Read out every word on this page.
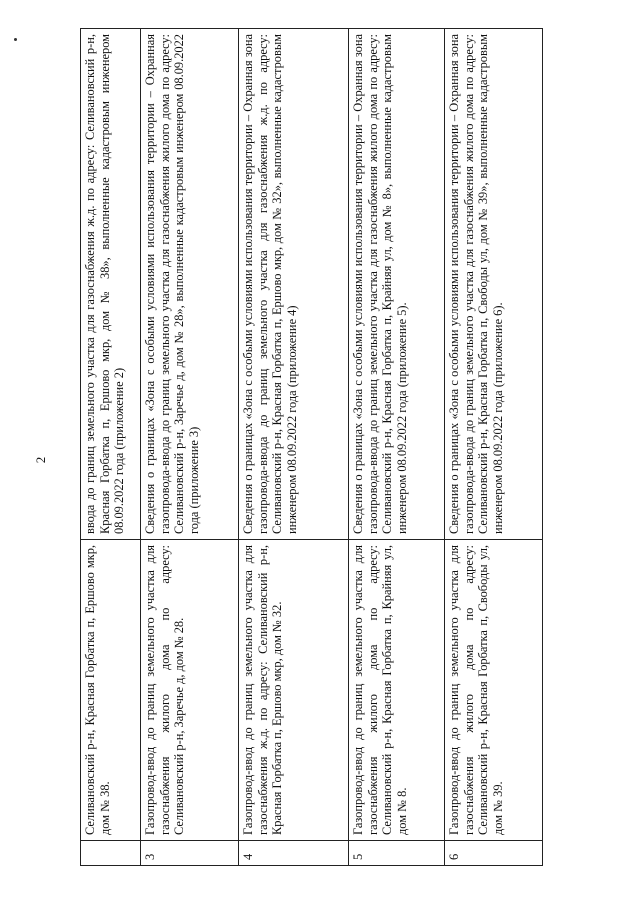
2
	Селивановский р-н, Красная Горбатка п, Ершово мкр, дом № 38.	ввода до границ земельного участка для газоснабжения ж.д. по адресу: Селивановский р-н, Красная Горбатка п, Ершово мкр, дом № 38», выполненные кадастровым инженером 08.09.2022 года (приложение 2)
3	Газопровод-ввод до границ земельного участка для газоснабжения жилого дома по адресу: Селивановский р-н, Заречье д, дом № 28.	Сведения о границах «Зона с особыми условиями использования территории – Охранная газопровода-ввода до границ земельного участка для газоснабжения жилого дома по адресу: Селивановский р-н, Заречье д, дом № 28», выполненные кадастровым инженером 08.09.2022 года (приложение 3)
4	Газопровод-ввод до границ земельного участка для газоснабжения ж.д. по адресу: Селивановский р-н, Красная Горбатка п, Ершово мкр, дом № 32.	Сведения о границах «Зона с особыми условиями использования территории – Охранная зона газопровода-ввода до границ земельного участка для газоснабжения ж.д. по адресу: Селивановский р-н, Красная Горбатка п, Ершово мкр, дом № 32», выполненные кадастровым инженером 08.09.2022 года (приложение 4)
5	Газопровод-ввод до границ земельного участка для газоснабжения жилого дома по адресу: Селивановский р-н, Красная Горбатка п, Крайняя ул, дом № 8.	Сведения о границах «Зона с особыми условиями использования территории – Охранная зона газопровода-ввода до границ земельного участка для газоснабжения жилого дома по адресу: Селивановский р-н, Красная Горбатка п, Крайняя ул, дом № 8», выполненные кадастровым инженером 08.09.2022 года (приложение 5).
6	Газопровод-ввод до границ земельного участка для газоснабжения жилого дома по адресу: Селивановский р-н, Красная Горбатка п, Свободы ул, дом № 39.	Сведения о границах «Зона с особыми условиями использования территории – Охранная зона газопровода-ввода до границ земельного участка для газоснабжения жилого дома по адресу: Селивановский р-н, Красная Горбатка п, Свободы ул, дом № 39», выполненные кадастровым инженером 08.09.2022 года (приложение 6).
